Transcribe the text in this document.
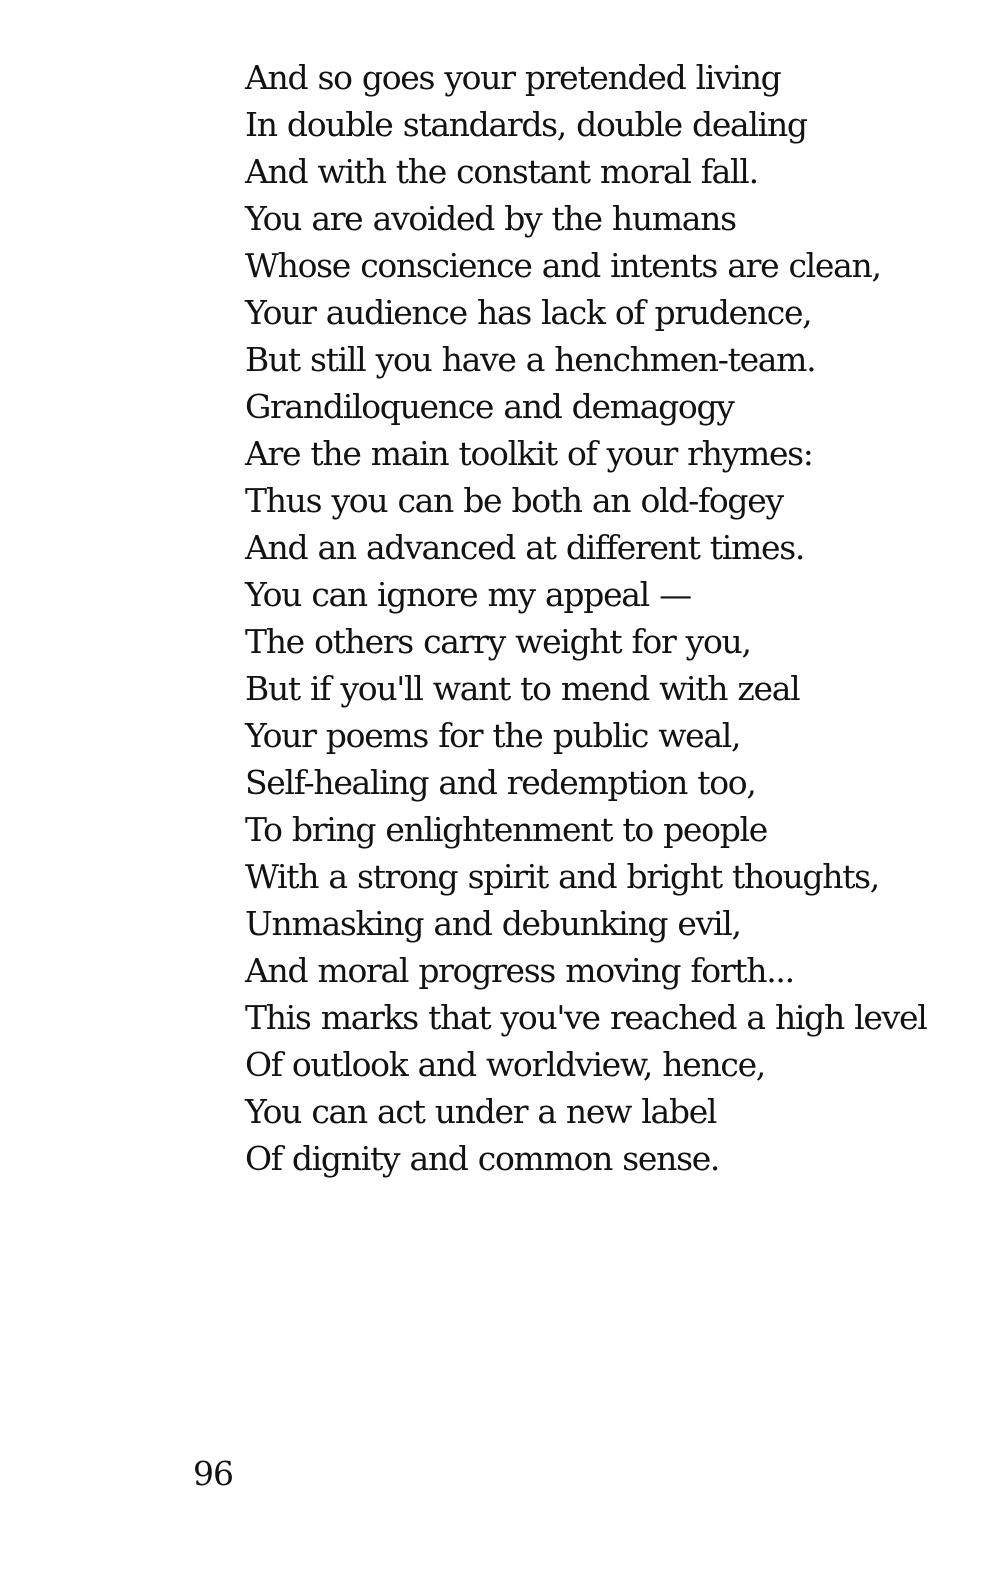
And so goes your pretended living
In double standards, double dealing
And with the constant moral fall.
You are avoided by the humans
Whose conscience and intents are clean,
Your audience has lack of prudence,
But still you have a henchmen-team.
Grandiloquence and demagogy
Are the main toolkit of your rhymes:
Thus you can be both an old-fogey
And an advanced at different times.
You can ignore my appeal —
The others carry weight for you,
But if you'll want to mend with zeal
Your poems for the public weal,
Self-healing and redemption too,
To bring enlightenment to people
With a strong spirit and bright thoughts,
Unmasking and debunking evil,
And moral progress moving forth...
This marks that you've reached a high level
Of outlook and worldview, hence,
You can act under a new label
Of dignity and common sense.
96
